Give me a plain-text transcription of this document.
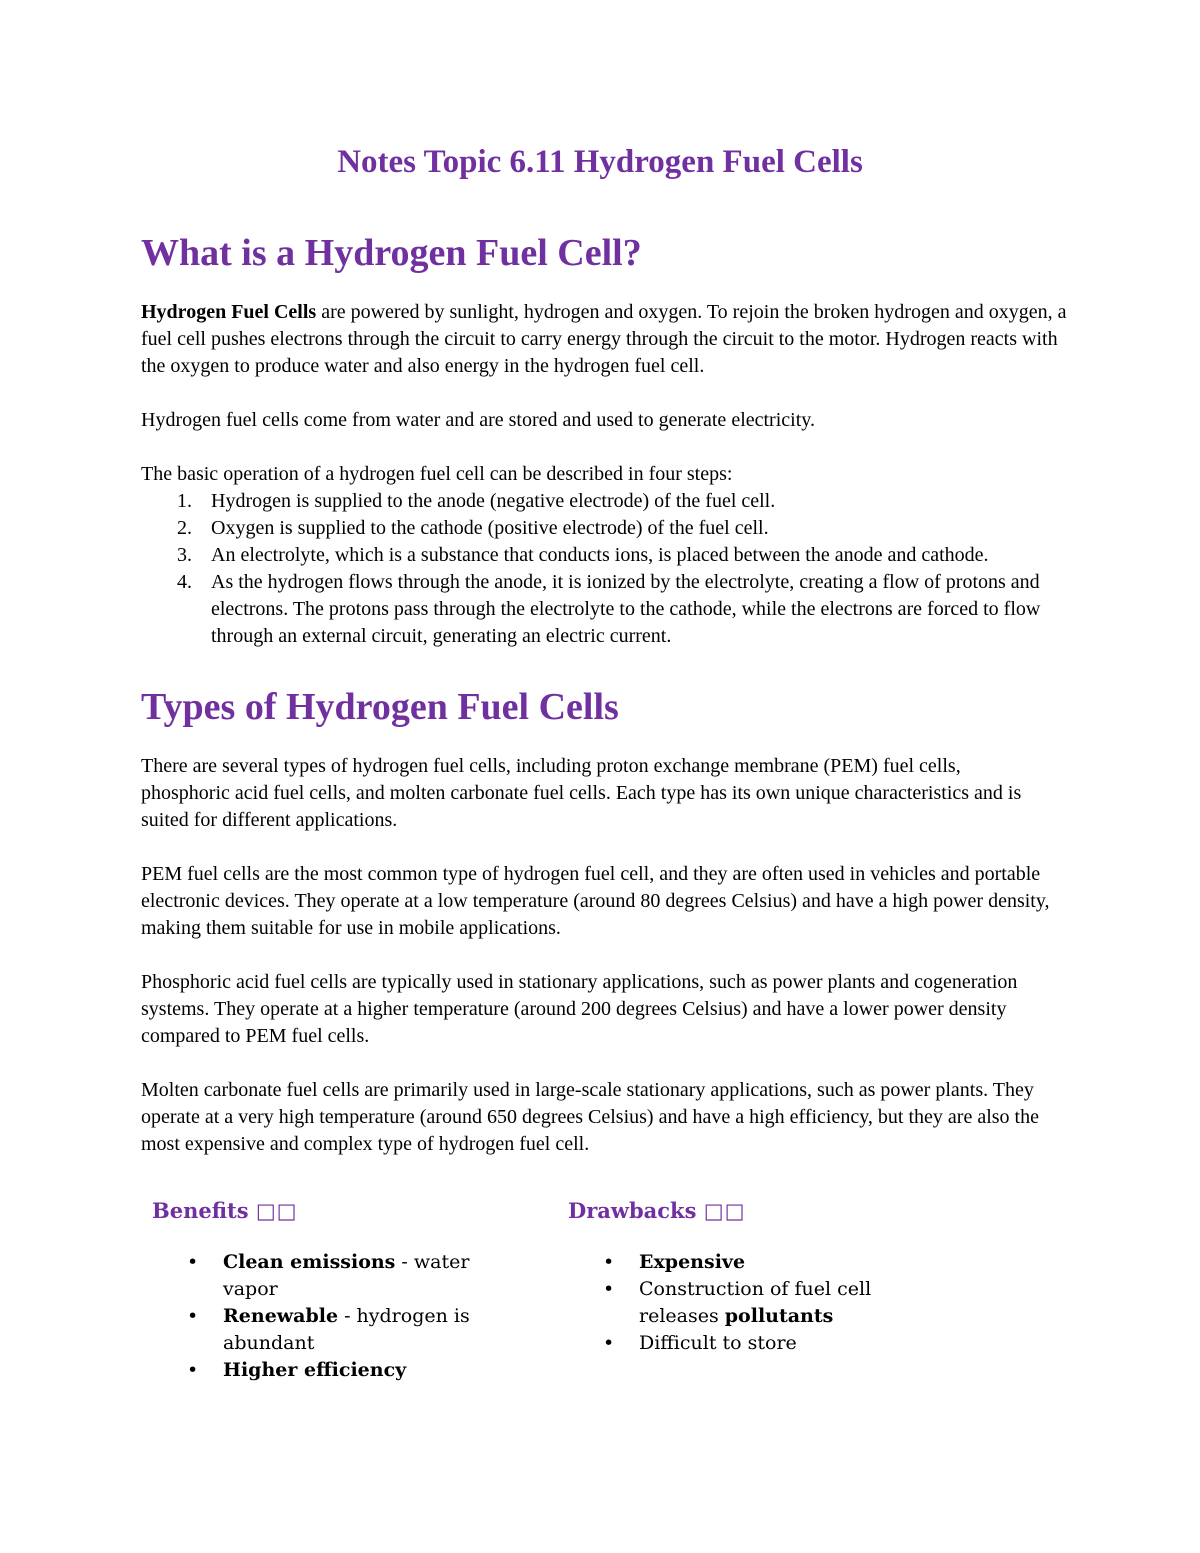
Notes Topic 6.11 Hydrogen Fuel Cells
What is a Hydrogen Fuel Cell?

Hydrogen Fuel Cells are powered by sunlight, hydrogen and oxygen. To rejoin the broken hydrogen and oxygen, a fuel cell pushes electrons through the circuit to carry energy through the circuit to the motor. Hydrogen reacts with the oxygen to produce water and also energy in the hydrogen fuel cell.

Hydrogen fuel cells come from water and are stored and used to generate electricity.

The basic operation of a hydrogen fuel cell can be described in four steps:

1. Hydrogen is supplied to the anode (negative electrode) of the fuel cell.
2. Oxygen is supplied to the cathode (positive electrode) of the fuel cell.
3. An electrolyte, which is a substance that conducts ions, is placed between the anode and cathode.
4. As the hydrogen flows through the anode, it is ionized by the electrolyte, creating a flow of protons and electrons. The protons pass through the electrolyte to the cathode, while the electrons are forced to flow through an external circuit, generating an electric current.
Types of Hydrogen Fuel Cells

There are several types of hydrogen fuel cells, including proton exchange membrane (PEM) fuel cells, phosphoric acid fuel cells, and molten carbonate fuel cells. Each type has its own unique characteristics and is suited for different applications.

PEM fuel cells are the most common type of hydrogen fuel cell, and they are often used in vehicles and portable electronic devices. They operate at a low temperature (around 80 degrees Celsius) and have a high power density, making them suitable for use in mobile applications.

Phosphoric acid fuel cells are typically used in stationary applications, such as power plants and cogeneration systems. They operate at a higher temperature (around 200 degrees Celsius) and have a lower power density compared to PEM fuel cells.

Molten carbonate fuel cells are primarily used in large-scale stationary applications, such as power plants. They operate at a very high temperature (around 650 degrees Celsius) and have a high efficiency, but they are also the most expensive and complex type of hydrogen fuel cell.

Benefits □□
• Clean emissions - water vapor
• Renewable - hydrogen is abundant
• Higher efficiency
Drawbacks □□
• Expensive
• Construction of fuel cell releases pollutants
• Difficult to store
